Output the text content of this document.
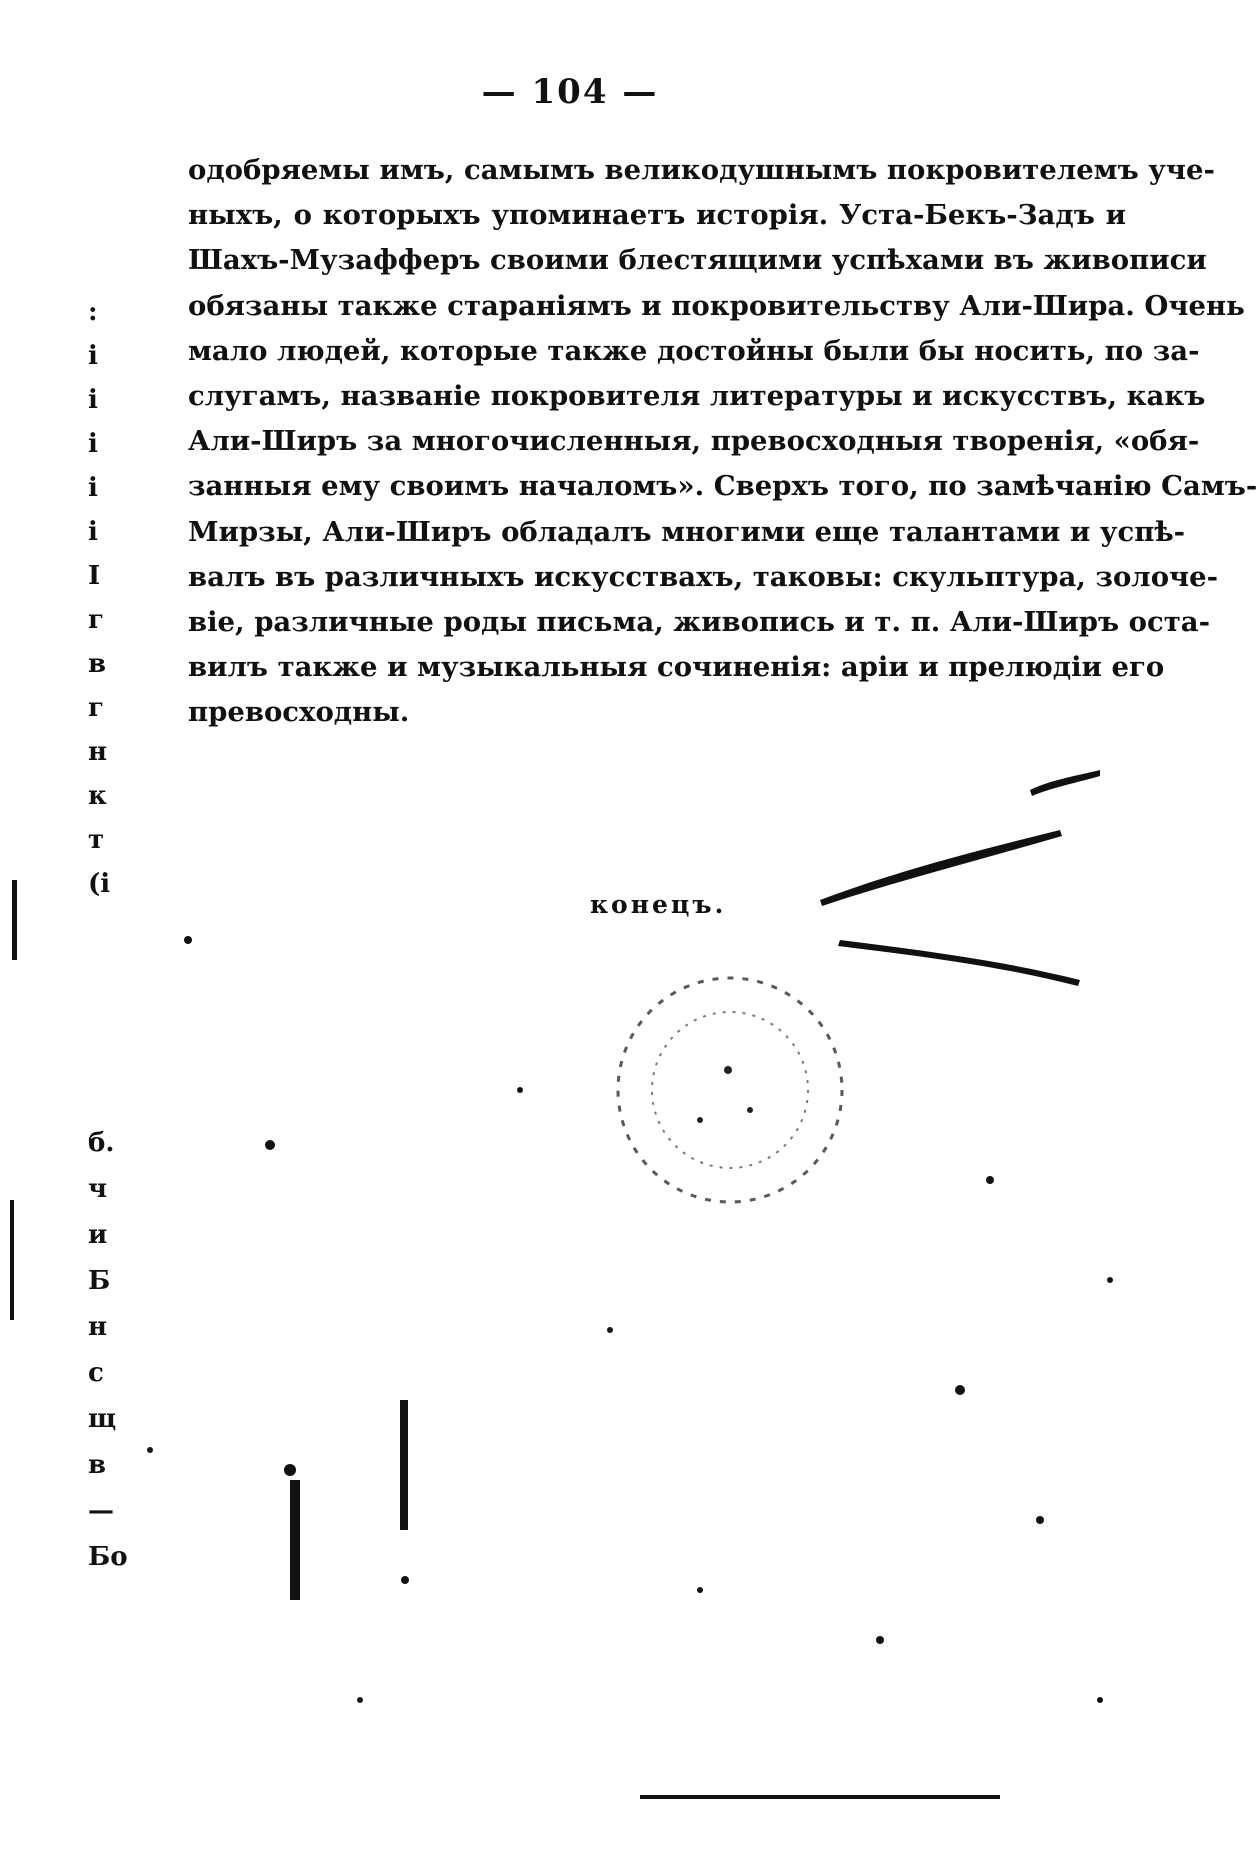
— 104 —
одобряемы имъ, самымъ великодушнымъ покровителемъ уче-
ныхъ, о которыхъ упоминаетъ исторія. Уста-Бекъ-Задъ и
Шахъ-Музафферъ своими блестящими успѣхами въ живописи
обязаны также стараніямъ и покровительству Али-Шира. Очень
мало людей, которые также достойны были бы носить, по за-
слугамъ, названіе покровителя литературы и искусствъ, какъ
Али-Ширъ за многочисленныя, превосходныя творенія, «обя-
занныя ему своимъ началомъ». Сверхъ того, по замѣчанію Самъ-
Мирзы, Али-Ширъ обладалъ многими еще талантами и успѣ-
валъ въ различныхъ искусствахъ, таковы: скульптура, золоче-
віе, различные роды письма, живопись и т. п. Али-Ширъ оста-
вилъ также и музыкальныя сочиненія: аріи и прелюдіи его
превосходны.
конецъ.
:
і
і
і
і
і
І
г
в
г
н
к
т
(і
б.
ч
и
Б
н
с
щ
в
—
Бо
